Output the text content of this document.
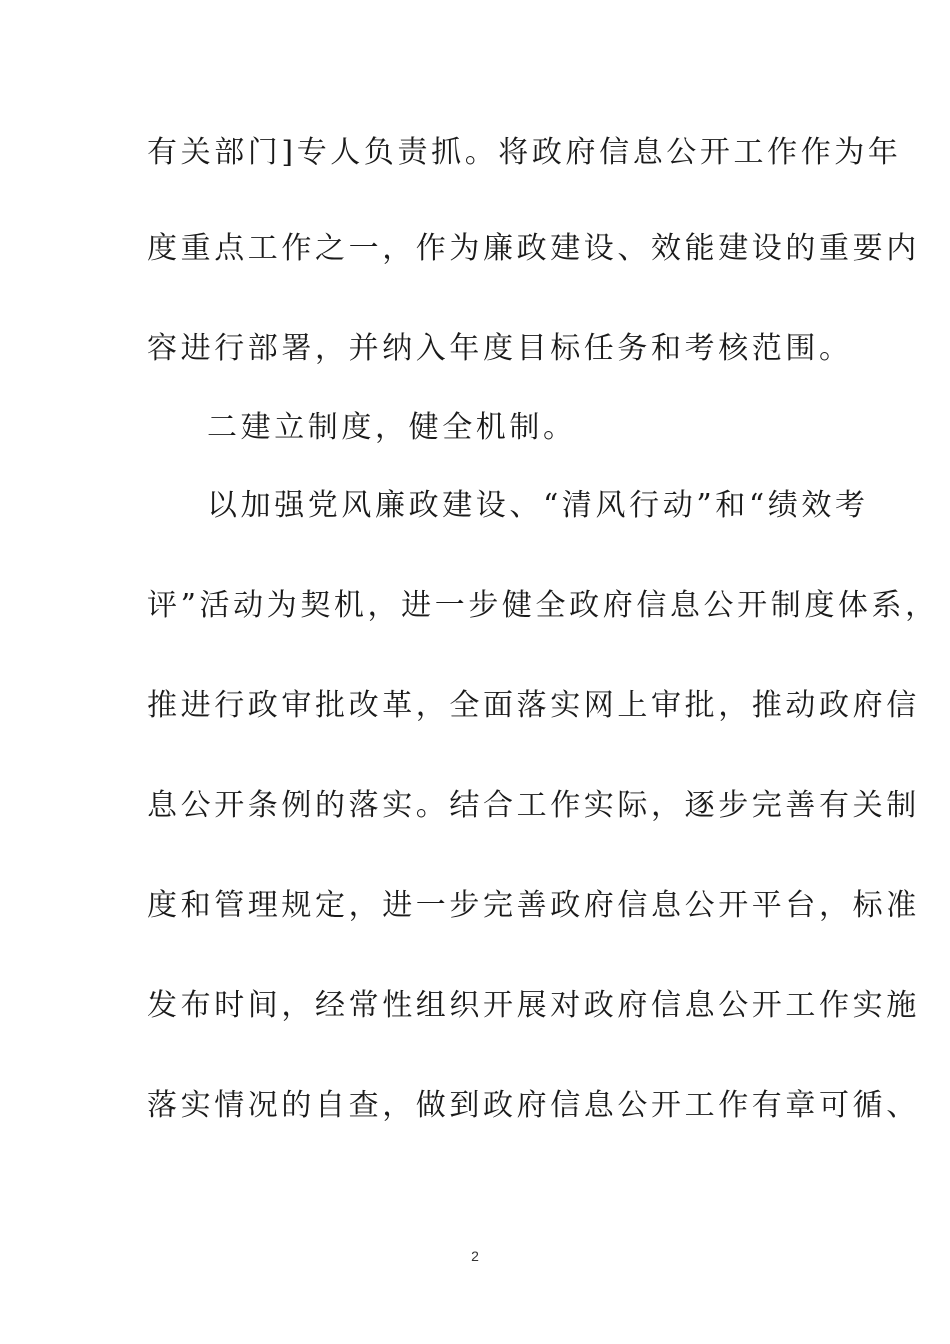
有关部门]专人负责抓。将政府信息公开工作作为年
度重点工作之一，作为廉政建设、效能建设的重要内
容进行部署，并纳入年度目标任务和考核范围。
二建立制度，健全机制。
以加强党风廉政建设、“清风行动”和“绩效考
评”活动为契机，进一步健全政府信息公开制度体系，
推进行政审批改革，全面落实网上审批，推动政府信
息公开条例的落实。结合工作实际，逐步完善有关制
度和管理规定，进一步完善政府信息公开平台，标准
发布时间，经常性组织开展对政府信息公开工作实施
落实情况的自查，做到政府信息公开工作有章可循、
2
